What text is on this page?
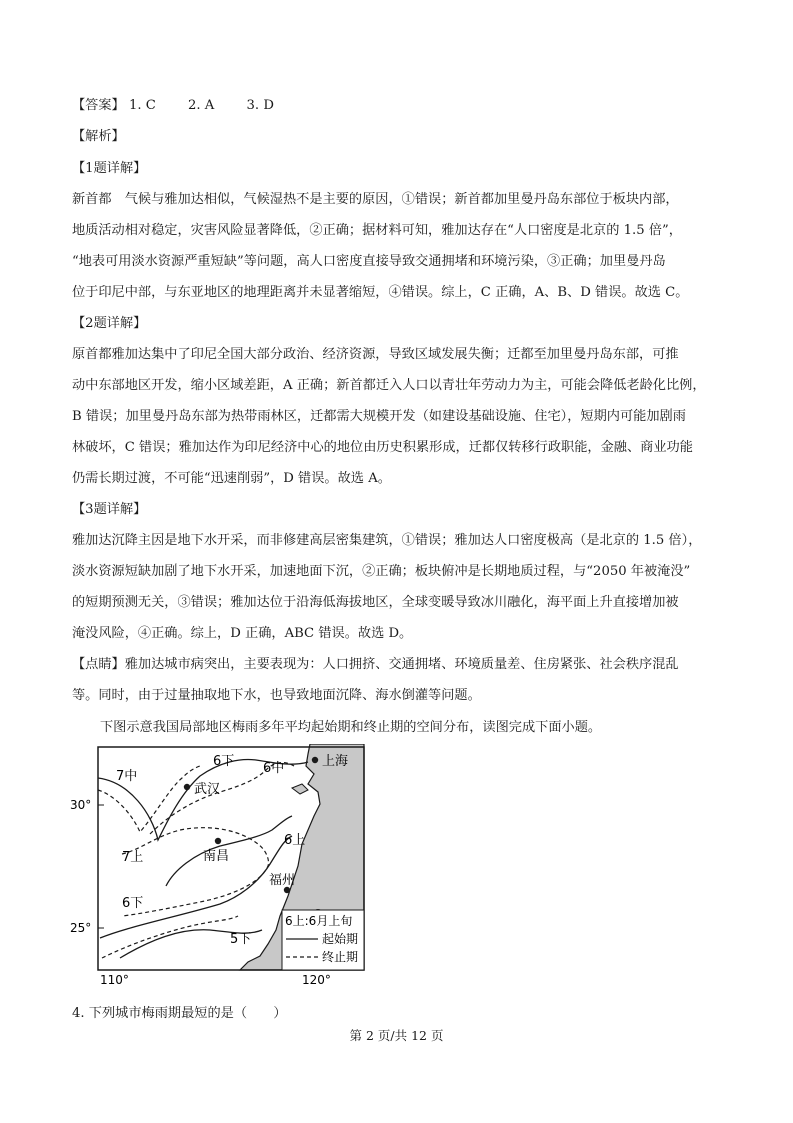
【答案】 1. C 2. A 3. D
【解析】
【1题详解】
新首都　气候与雅加达相似，气候湿热不是主要的原因，①错误；新首都加里曼丹岛东部位于板块内部，
地质活动相对稳定，灾害风险显著降低，②正确；据材料可知，雅加达存在“人口密度是北京的 1.5 倍”，
“地表可用淡水资源严重短缺”等问题，高人口密度直接导致交通拥堵和环境污染，③正确；加里曼丹岛
位于印尼中部，与东亚地区的地理距离并未显著缩短，④错误。综上，C 正确，A、B、D 错误。故选 C。
【2题详解】
原首都雅加达集中了印尼全国大部分政治、经济资源，导致区域发展失衡；迁都至加里曼丹岛东部，可推
动中东部地区开发，缩小区域差距，A 正确；新首都迁入人口以青壮年劳动力为主，可能会降低老龄化比例，
B 错误；加里曼丹岛东部为热带雨林区，迁都需大规模开发（如建设基础设施、住宅），短期内可能加剧雨
林破坏，C 错误；雅加达作为印尼经济中心的地位由历史积累形成，迁都仅转移行政职能，金融、商业功能
仍需长期过渡，不可能“迅速削弱”，D 错误。故选 A。
【3题详解】
雅加达沉降主因是地下水开采，而非修建高层密集建筑，①错误；雅加达人口密度极高（是北京的 1.5 倍），
淡水资源短缺加剧了地下水开采，加速地面下沉，②正确；板块俯冲是长期地质过程，与“2050 年被淹没”
的短期预测无关，③错误；雅加达位于沿海低海拔地区，全球变暖导致冰川融化，海平面上升直接增加被
淹没风险，④正确。综上，D 正确，ABC 错误。故选 D。
【点睛】雅加达城市病突出，主要表现为：人口拥挤、交通拥堵、环境质量差、住房紧张、社会秩序混乱
等。同时，由于过量抽取地下水，也导致地面沉降、海水倒灌等问题。
下图示意我国局部地区梅雨多年平均起始期和终止期的空间分布，读图完成下面小题。
30°
25°
110°	120°
上海
武汉
南昌
福州
7中
6下 6中
7上
6上
6下
5下
6上:6月上旬
起始期
终止期
4. 下列城市梅雨期最短的是（　　）
第 2 页/共 12 页
